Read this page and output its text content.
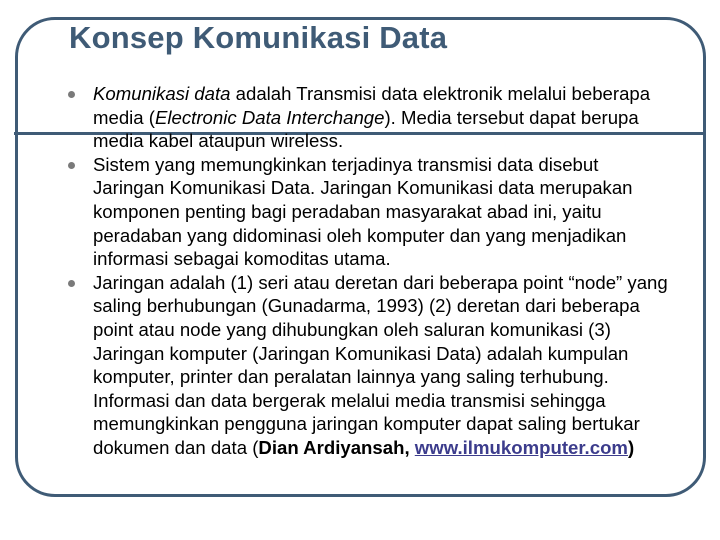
Konsep Komunikasi Data

Komunikasi data adalah Transmisi data elektronik melalui beberapa media (Electronic Data Interchange). Media tersebut dapat berupa media kabel ataupun wireless.

Sistem yang memungkinkan terjadinya transmisi data disebut Jaringan Komunikasi Data. Jaringan Komunikasi data merupakan komponen penting bagi peradaban masyarakat abad ini, yaitu peradaban yang didominasi oleh komputer dan yang menjadikan informasi sebagai komoditas utama.

Jaringan adalah (1) seri atau deretan dari beberapa point “node” yang saling berhubungan (Gunadarma, 1993) (2) deretan dari beberapa point atau node yang dihubungkan oleh saluran komunikasi (3) Jaringan komputer (Jaringan Komunikasi Data) adalah kumpulan komputer, printer dan peralatan lainnya yang saling terhubung. Informasi dan data bergerak melalui media transmisi sehingga memungkinkan pengguna jaringan komputer dapat saling bertukar dokumen dan data (Dian Ardiyansah, www.ilmukomputer.com)
